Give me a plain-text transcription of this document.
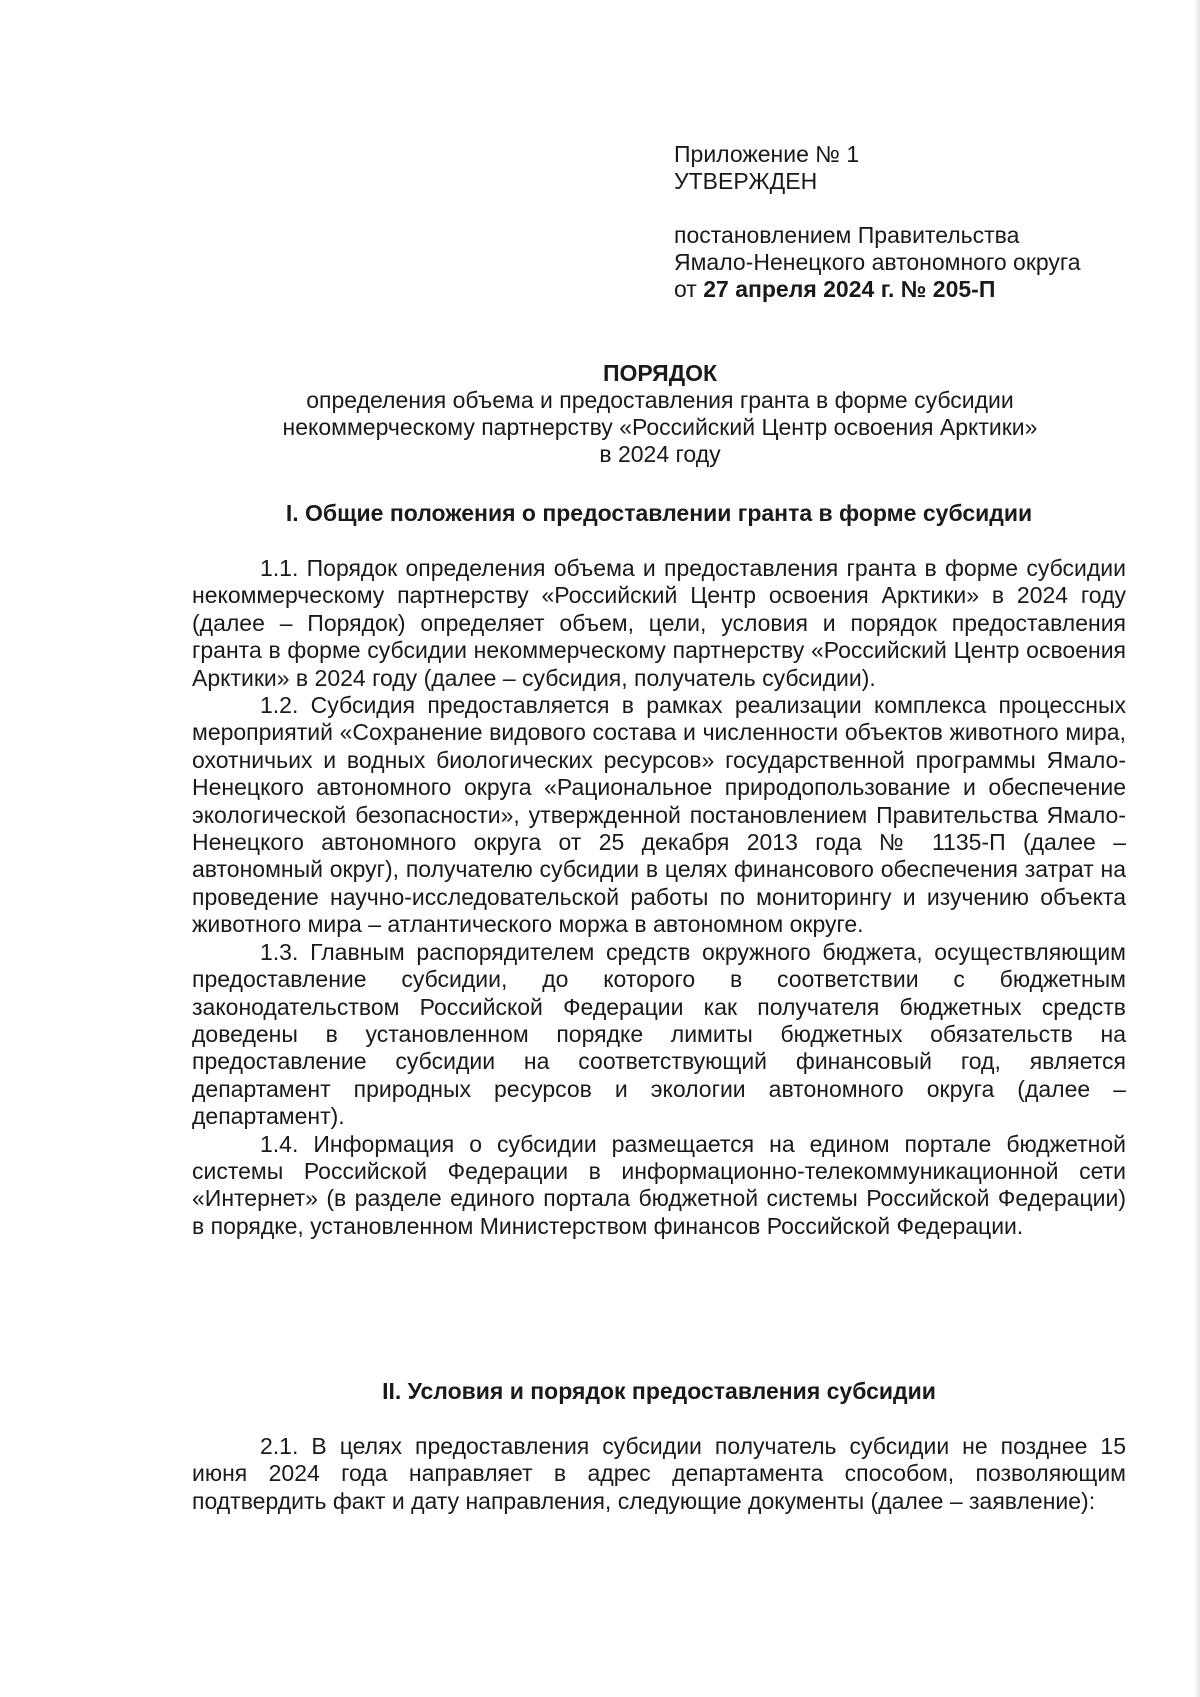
Приложение № 1
УТВЕРЖДЕН
постановлением Правительства
Ямало-Ненецкого автономного округа
от 27 апреля 2024 г. № 205-П
ПОРЯДОК
определения объема и предоставления гранта в форме субсидии
некоммерческому партнерству «Российский Центр освоения Арктики»
в 2024 году
I. Общие положения о предоставлении гранта в форме субсидии

1.1. Порядок определения объема и предоставления гранта в форме субсидии некоммерческому партнерству «Российский Центр освоения Арктики» в 2024 году (далее – Порядок) определяет объем, цели, условия и порядок предоставления гранта в форме субсидии некоммерческому партнерству «Российский Центр освоения Арктики» в 2024 году (далее – субсидия, получатель субсидии).

1.2. Субсидия предоставляется в рамках реализации комплекса процессных мероприятий «Сохранение видового состава и численности объектов животного мира, охотничьих и водных биологических ресурсов» государственной программы Ямало-Ненецкого автономного округа «Рациональное природопользование и обеспечение экологической безопасности», утвержденной постановлением Правительства Ямало-Ненецкого автономного округа от 25 декабря 2013 года № 1135-П (далее – автономный округ), получателю субсидии в целях финансового обеспечения затрат на проведение научно-исследовательской работы по мониторингу и изучению объекта животного мира – атлантического моржа в автономном округе.

1.3. Главным распорядителем средств окружного бюджета, осуществляющим предоставление субсидии, до которого в соответствии с бюджетным законодательством Российской Федерации как получателя бюджетных средств доведены в установленном порядке лимиты бюджетных обязательств на предоставление субсидии на соответствующий финансовый год, является департамент природных ресурсов и экологии автономного округа (далее – департамент).

1.4. Информация о субсидии размещается на едином портале бюджетной системы Российской Федерации в информационно-телекоммуникационной сети «Интернет» (в разделе единого портала бюджетной системы Российской Федерации) в порядке, установленном Министерством финансов Российской Федерации.

II. Условия и порядок предоставления субсидии

2.1. В целях предоставления субсидии получатель субсидии не позднее 15 июня 2024 года направляет в адрес департамента способом, позволяющим подтвердить факт и дату направления, следующие документы (далее – заявление):
